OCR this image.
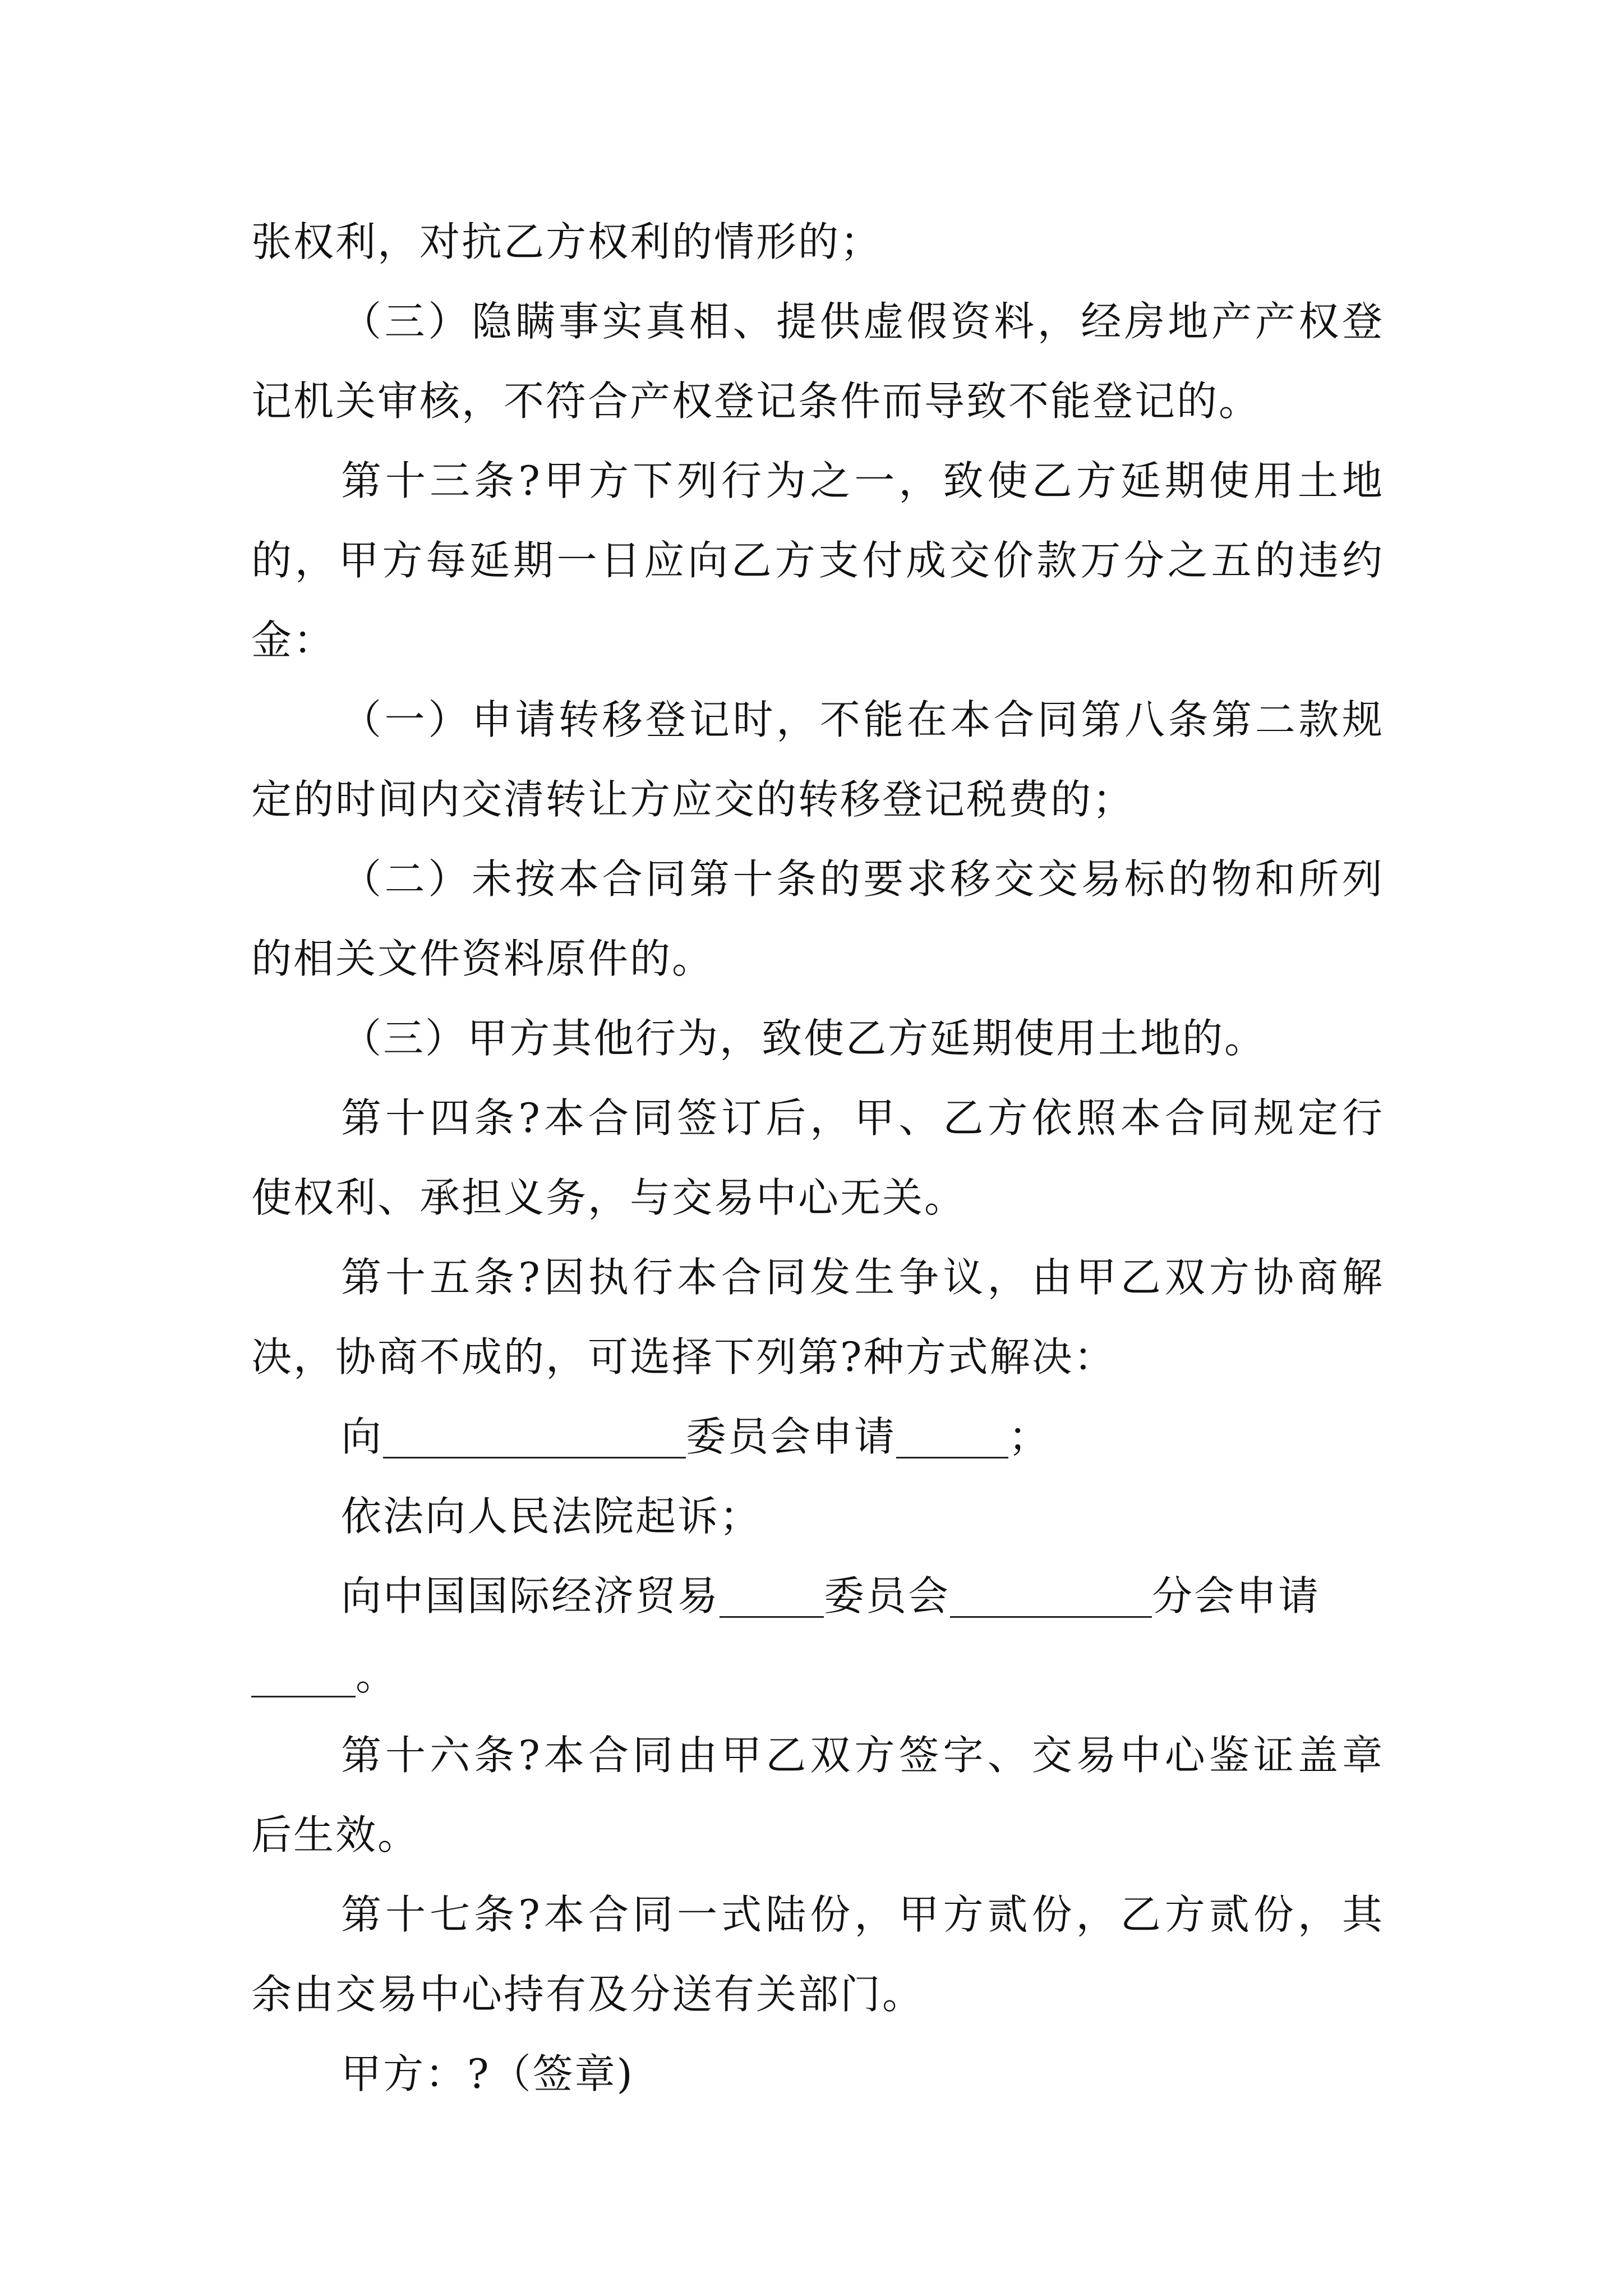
张权利，对抗乙方权利的情形的；
（三）隐瞒事实真相、提供虚假资料，经房地产产权登
记机关审核，不符合产权登记条件而导致不能登记的。
第十三条?甲方下列行为之一，致使乙方延期使用土地
的，甲方每延期一日应向乙方支付成交价款万分之五的违约
金：
（一）申请转移登记时，不能在本合同第八条第二款规
定的时间内交清转让方应交的转移登记税费的；
（二）未按本合同第十条的要求移交交易标的物和所列
的相关文件资料原件的。
（三）甲方其他行为，致使乙方延期使用土地的。
第十四条?本合同签订后，甲、乙方依照本合同规定行
使权利、承担义务，与交易中心无关。
第十五条?因执行本合同发生争议，由甲乙双方协商解
决，协商不成的，可选择下列第?种方式解决：
向	委员会申请	；
依法向人民法院起诉；
向中国国际经济贸易	委员会	分会申请
。
第十六条?本合同由甲乙双方签字、交易中心鉴证盖章
后生效。
第十七条?本合同一式陆份，甲方贰份，乙方贰份，其
余由交易中心持有及分送有关部门。
甲方：?（签章)
